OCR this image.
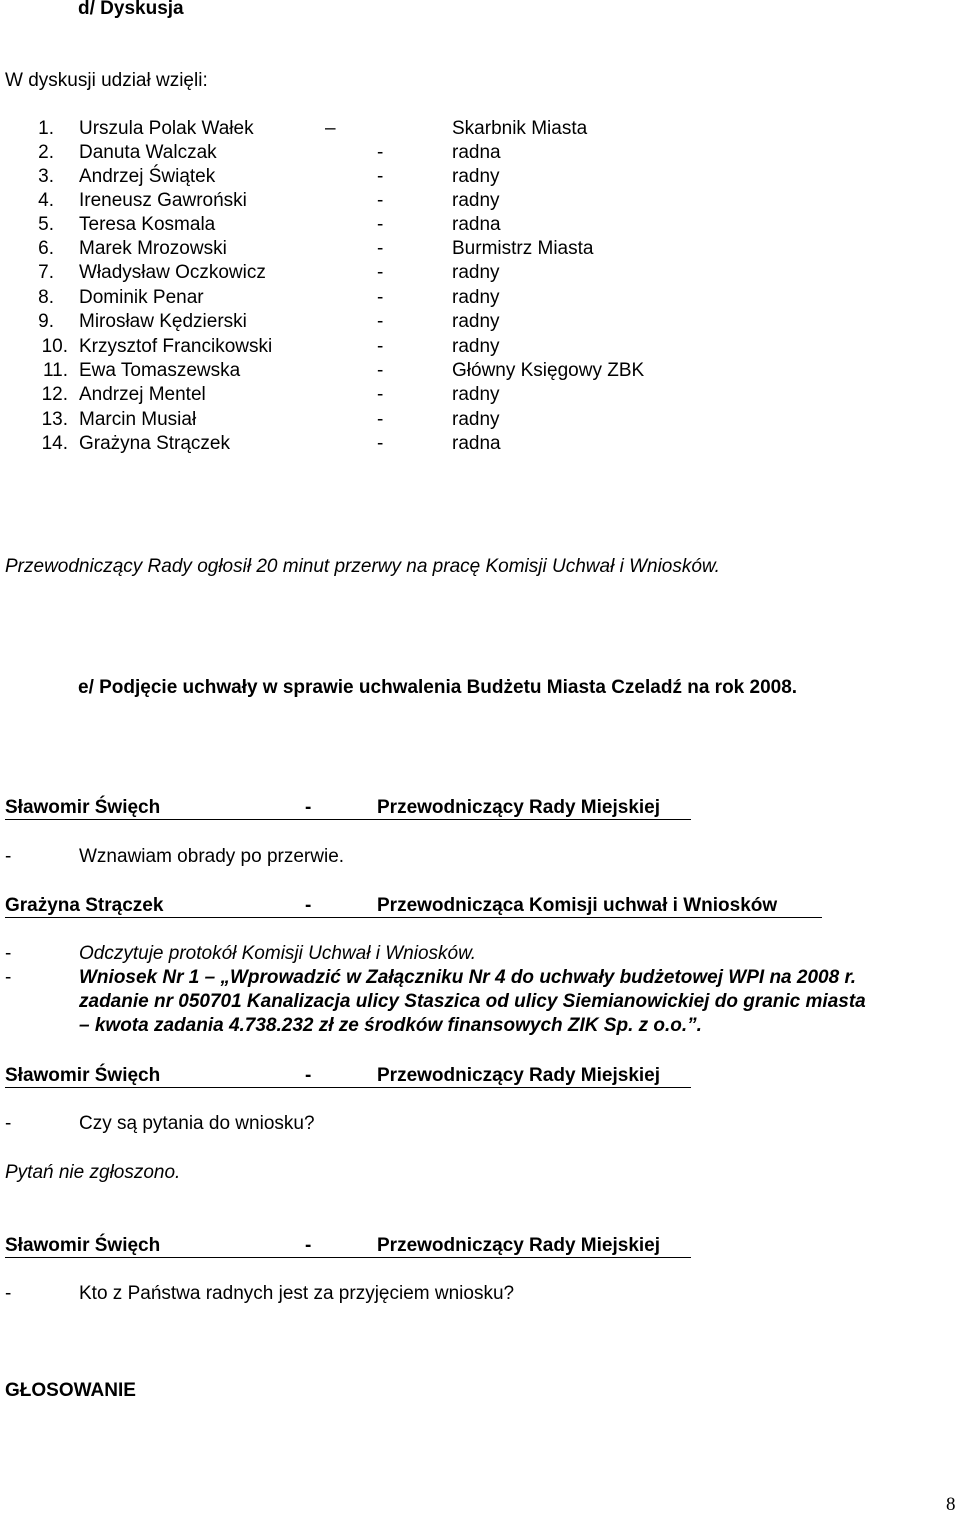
d/ Dyskusja
W dyskusji udział wzięli:
1. Urszula Polak Wałek	–	Skarbnik Miasta
2. Danuta Walczak	-	radna
3. Andrzej Świątek	-	radny
4. Ireneusz Gawroński	-	radny
5. Teresa Kosmala	-	radna
6. Marek Mrozowski	-	Burmistrz Miasta
7. Władysław Oczkowicz	-	radny
8. Dominik Penar	-	radny
9. Mirosław Kędzierski	-	radny
10. Krzysztof Francikowski	-	radny
11. Ewa Tomaszewska	-	Główny Księgowy ZBK
12. Andrzej Mentel	-	radny
13. Marcin Musiał	-	radny
14. Grażyna Strączek	-	radna
Przewodniczący Rady ogłosił 20 minut przerwy na pracę Komisji Uchwał i Wniosków.
e/ Podjęcie uchwały w sprawie uchwalenia Budżetu Miasta Czeladź na rok 2008.
Sławomir Święch	-	Przewodniczący Rady Miejskiej
-	Wznawiam obrady po przerwie.
Grażyna Strączek	-	Przewodnicząca Komisji uchwał i Wniosków
-	Odczytuje protokół Komisji Uchwał i Wniosków.
-	Wniosek Nr 1 – „Wprowadzić w Załączniku Nr 4 do uchwały budżetowej WPI na 2008 r.
zadanie nr 050701 Kanalizacja ulicy Staszica od ulicy Siemianowickiej do granic miasta
– kwota zadania 4.738.232 zł ze środków finansowych ZIK Sp. z o.o.”.
Sławomir Święch	-	Przewodniczący Rady Miejskiej
-	Czy są pytania do wniosku?
Pytań nie zgłoszono.
Sławomir Święch	-	Przewodniczący Rady Miejskiej
-	Kto z Państwa radnych jest za przyjęciem wniosku?
GŁOSOWANIE
8
